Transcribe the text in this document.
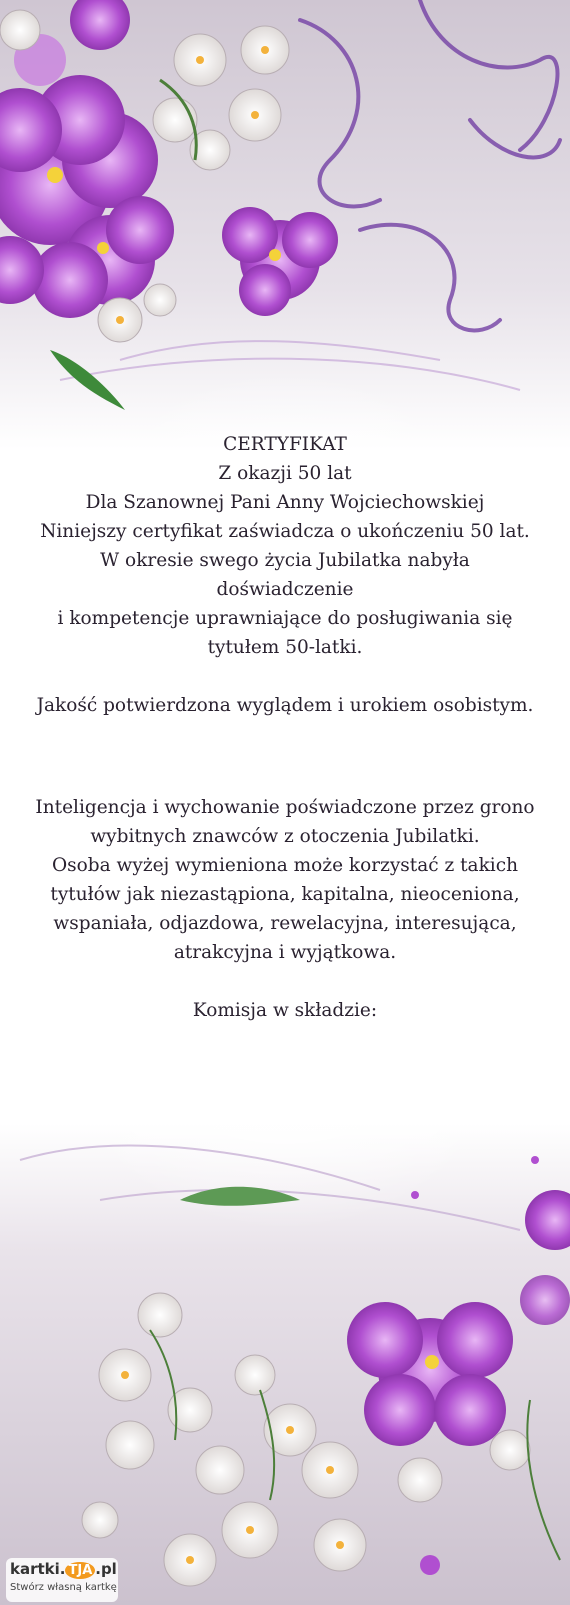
CERTYFIKAT
Z okazji 50 lat
Dla Szanownej Pani Anny Wojciechowskiej
Niniejszy certyfikat zaświadcza o ukończeniu 50 lat.
W okresie swego życia Jubilatka nabyła
doświadczenie
i kompetencje uprawniające do posługiwania się
tytułem 50-latki.
Jakość potwierdzona wyglądem i urokiem osobistym.
Inteligencja i wychowanie poświadczone przez grono
wybitnych znawców z otoczenia Jubilatki.
Osoba wyżej wymieniona może korzystać z takich
tytułów jak niezastąpiona, kapitalna, nieoceniona,
wspaniała, odjazdowa, rewelacyjna, interesująca,
atrakcyjna i wyjątkowa.
Komisja w składzie:
kartki. TJA .pl
Stwórz własną kartkę
